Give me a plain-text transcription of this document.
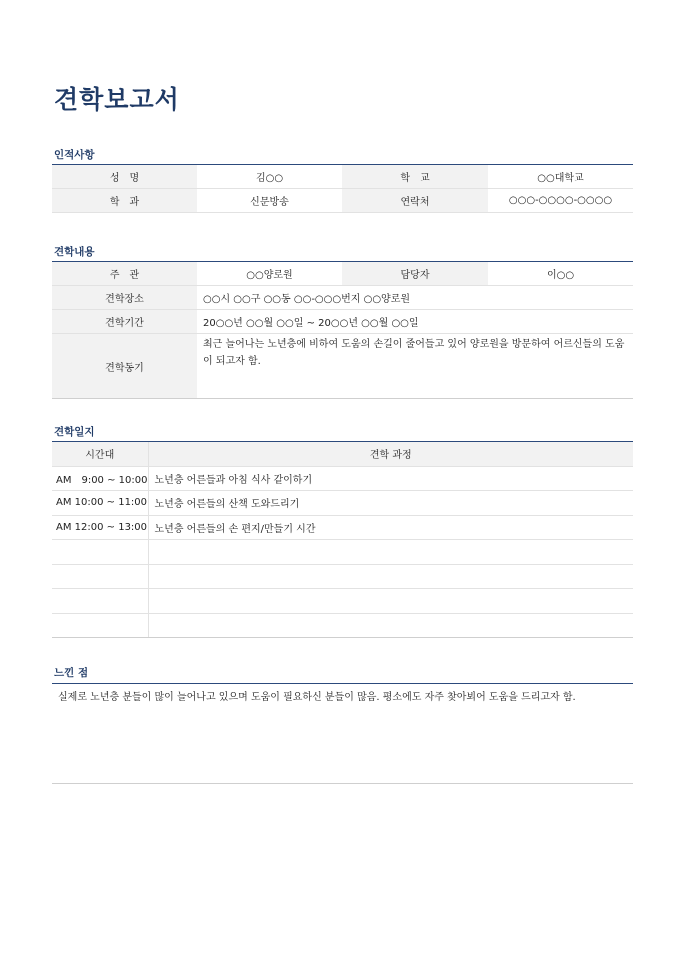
견학보고서
인적사항
성　명	김○○	학　교	○○대학교
학　과	신문방송	연락처	○○○-○○○○-○○○○
견학내용
주　관	○○양로원	담당자	이○○
견학장소	○○시 ○○구 ○○동 ○○-○○○번지 ○○양로원		
견학기간	20○○년 ○○월 ○○일 ~ 20○○년 ○○월 ○○일		
견학동기	최근 늘어나는 노년층에 비하여 도움의 손길이 줄어들고 있어 양로원을 방문하여 어르신들의 도움이 되고자 함.		
견학일지
시간대	견학 과정
AM　9:00 ~ 10:00	노년층 어른들과 아침 식사 같이하기
AM 10:00 ~ 11:00	노년층 어른들의 산책 도와드리기
AM 12:00 ~ 13:00	노년층 어른들의 손 편지/만들기 시간

느낀 점
실제로 노년층 분들이 많이 늘어나고 있으며 도움이 필요하신 분들이 많음. 평소에도 자주 찾아뵈어 도움을 드리고자 함.
